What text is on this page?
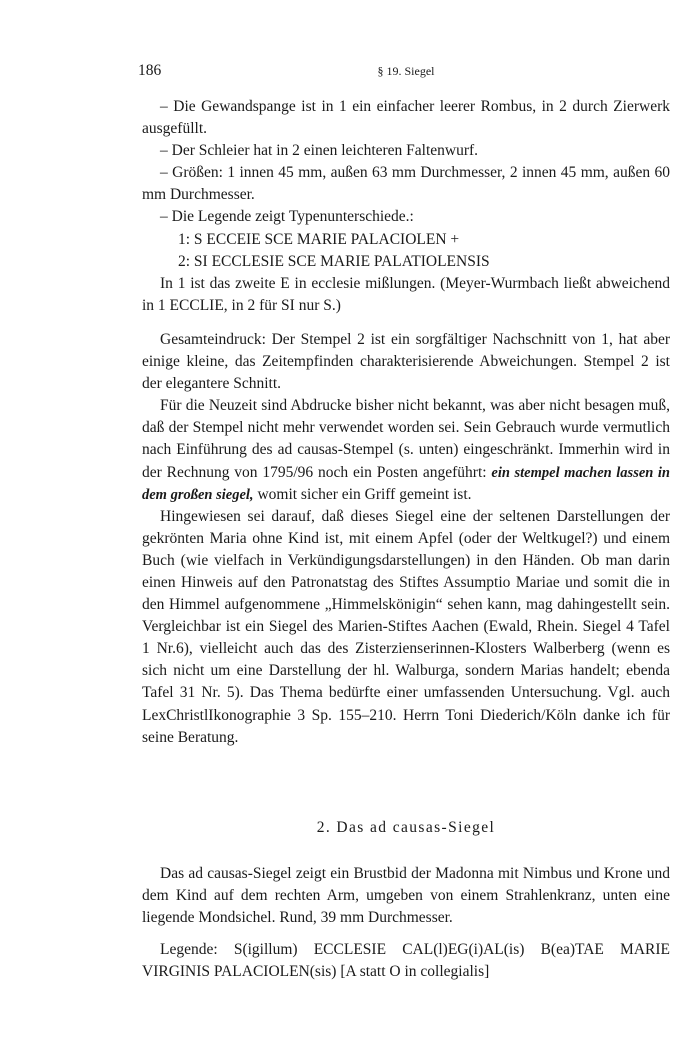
186	§ 19. Siegel

– Die Gewandspange ist in 1 ein einfacher leerer Rombus, in 2 durch Zierwerk ausgefüllt.

– Der Schleier hat in 2 einen leichteren Faltenwurf.

– Größen: 1 innen 45 mm, außen 63 mm Durchmesser, 2 innen 45 mm, außen 60 mm Durchmesser.

– Die Legende zeigt Typenunterschiede.:

1: S ECCEIE SCE MARIE PALACIOLEN +

2: SI ECCLESIE SCE MARIE PALATIOLENSIS

In 1 ist das zweite E in ecclesie mißlungen. (Meyer-Wurmbach ließt abweichend in 1 ECCLIE, in 2 für SI nur S.)

Gesamteindruck: Der Stempel 2 ist ein sorgfältiger Nachschnitt von 1, hat aber einige kleine, das Zeitempfinden charakterisierende Abweichungen. Stempel 2 ist der elegantere Schnitt.

Für die Neuzeit sind Abdrucke bisher nicht bekannt, was aber nicht besagen muß, daß der Stempel nicht mehr verwendet worden sei. Sein Gebrauch wurde vermutlich nach Einführung des ad causas-Stempel (s. unten) eingeschränkt. Immerhin wird in der Rechnung von 1795/96 noch ein Posten angeführt: ein stempel machen lassen in dem großen siegel, womit sicher ein Griff gemeint ist.

Hingewiesen sei darauf, daß dieses Siegel eine der seltenen Darstellungen der gekrönten Maria ohne Kind ist, mit einem Apfel (oder der Weltkugel?) und einem Buch (wie vielfach in Verkündigungsdarstellungen) in den Händen. Ob man darin einen Hinweis auf den Patronatstag des Stiftes Assumptio Mariae und somit die in den Himmel aufgenommene „Himmelskönigin“ sehen kann, mag dahingestellt sein. Vergleichbar ist ein Siegel des Marien-Stiftes Aachen (Ewald, Rhein. Siegel 4 Tafel 1 Nr.6), vielleicht auch das des Zisterzienserinnen-Klosters Walberberg (wenn es sich nicht um eine Darstellung der hl. Walburga, sondern Marias handelt; ebenda Tafel 31 Nr. 5). Das Thema bedürfte einer umfassenden Untersuchung. Vgl. auch LexChristlIkonographie 3 Sp. 155–210. Herrn Toni Diederich/Köln danke ich für seine Beratung.

2. Das ad causas-Siegel

Das ad causas-Siegel zeigt ein Brustbid der Madonna mit Nimbus und Krone und dem Kind auf dem rechten Arm, umgeben von einem Strahlenkranz, unten eine liegende Mondsichel. Rund, 39 mm Durchmesser.

Legende: S(igillum) ECCLESIE CAL(l)EG(i)AL(is) B(ea)TAE MARIE VIRGINIS PALACIOLEN(sis) [A statt O in collegialis]
